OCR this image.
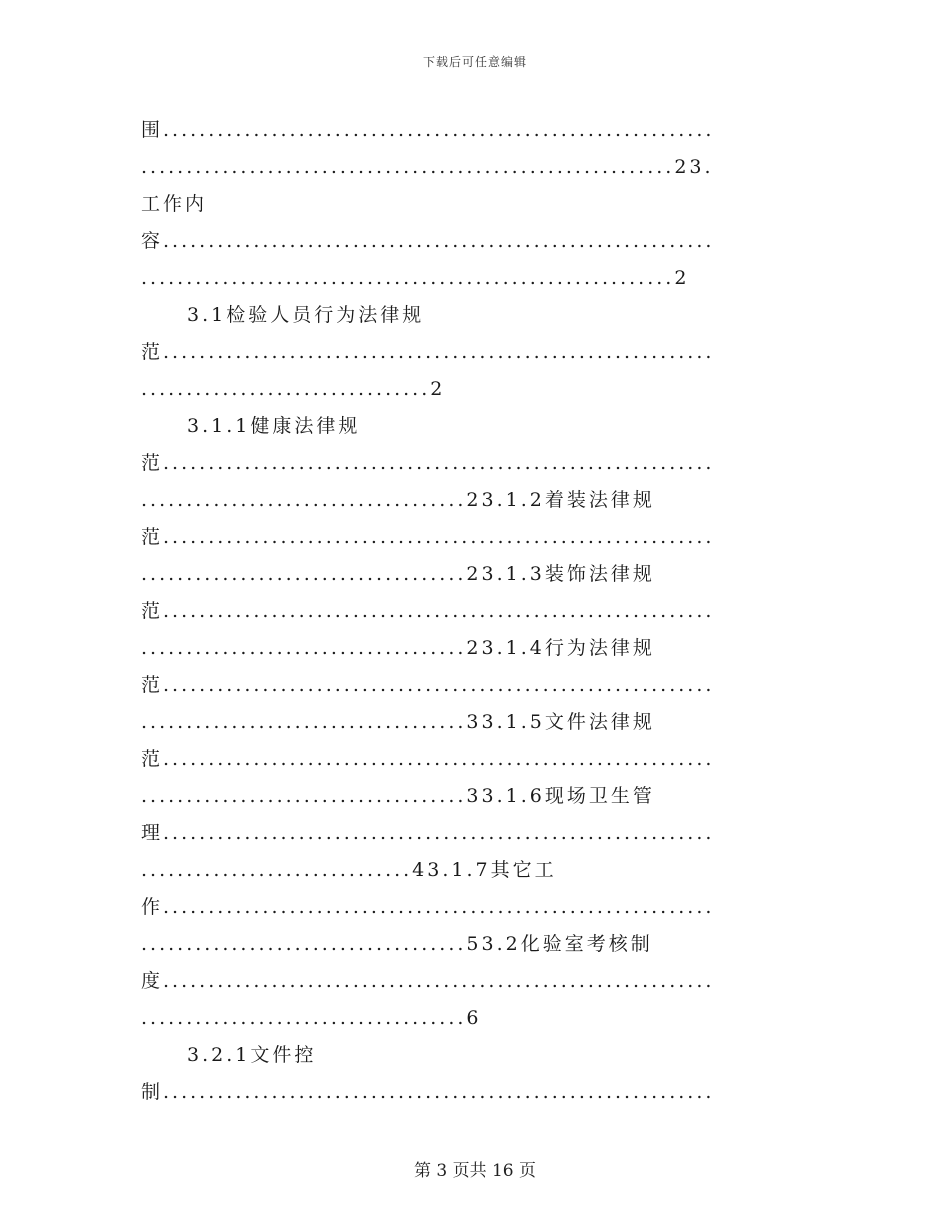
下载后可任意编辑
围.............................................................
...........................................................23.
工作内
容.............................................................
...........................................................2
3.1检验人员行为法律规
范.............................................................
................................2
3.1.1健康法律规
范.............................................................
....................................23.1.2着装法律规
范.............................................................
....................................23.1.3装饰法律规
范.............................................................
....................................23.1.4行为法律规
范.............................................................
....................................33.1.5文件法律规
范.............................................................
....................................33.1.6现场卫生管
理.............................................................
..............................43.1.7其它工
作.............................................................
....................................53.2化验室考核制
度.............................................................
....................................6
3.2.1文件控
制.............................................................
第 3 页共 16 页
